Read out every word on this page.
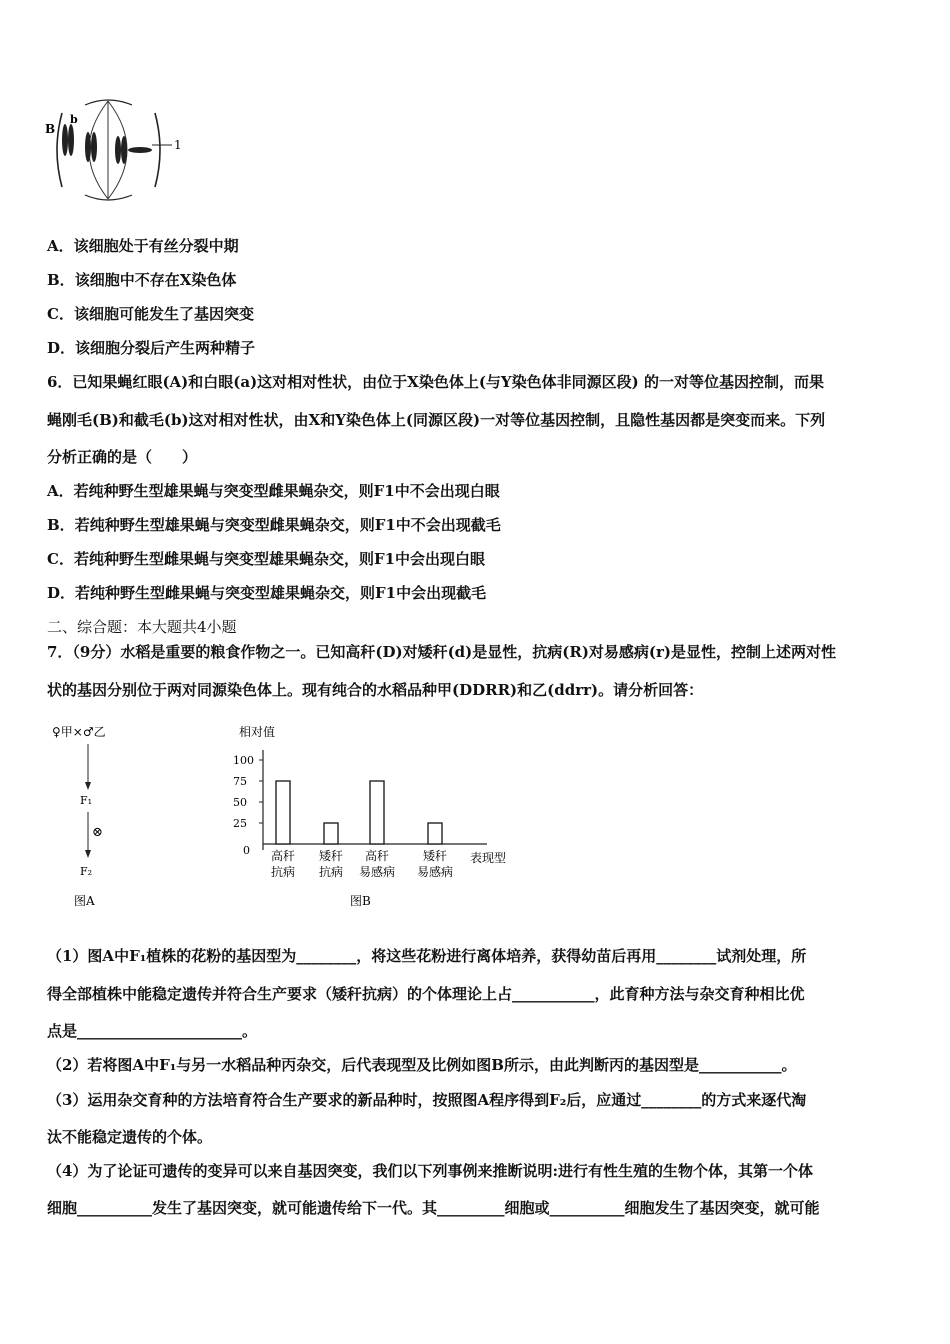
B
b
1
A．该细胞处于有丝分裂中期
B．该细胞中不存在X染色体
C．该细胞可能发生了基因突变
D．该细胞分裂后产生两种精子
6．已知果蝇红眼(A)和白眼(a)这对相对性状，由位于X染色体上(与Y染色体非同源区段) 的一对等位基因控制，而果
蝇刚毛(B)和截毛(b)这对相对性状，由X和Y染色体上(同源区段)一对等位基因控制，且隐性基因都是突变而来。下列
分析正确的是（　　）
A．若纯种野生型雄果蝇与突变型雌果蝇杂交，则F1中不会出现白眼
B．若纯种野生型雄果蝇与突变型雌果蝇杂交，则F1中不会出现截毛
C．若纯种野生型雌果蝇与突变型雄果蝇杂交，则F1中会出现白眼
D．若纯种野生型雌果蝇与突变型雄果蝇杂交，则F1中会出现截毛
二、综合题：本大题共4小题
7．（9分）水稻是重要的粮食作物之一。已知高秆(D)对矮秆(d)是显性，抗病(R)对易感病(r)是显性，控制上述两对性
状的基因分别位于两对同源染色体上。现有纯合的水稻品种甲(DDRR)和乙(ddrr)。请分析回答：
♀甲×♂乙
F₁
⊗
F₂
图A
相对值
表现型
图B
100
75
50
25
0 高秆
抗病
矮秆
抗病
高秆
易感病
矮秆
易感病
（1）图A中F₁植株的花粉的基因型为________，将这些花粉进行离体培养，获得幼苗后再用________试剂处理，所
得全部植株中能稳定遗传并符合生产要求（矮秆抗病）的个体理论上占___________，此育种方法与杂交育种相比优
点是______________________。
（2）若将图A中F₁与另一水稻品种丙杂交，后代表现型及比例如图B所示，由此判断丙的基因型是___________。
（3）运用杂交育种的方法培育符合生产要求的新品种时，按照图A程序得到F₂后，应通过________的方式来逐代淘
汰不能稳定遗传的个体。
（4）为了论证可遗传的变异可以来自基因突变，我们以下列事例来推断说明:进行有性生殖的生物个体，其第一个体
细胞__________发生了基因突变，就可能遗传给下一代。其_________细胞或__________细胞发生了基因突变，就可能
